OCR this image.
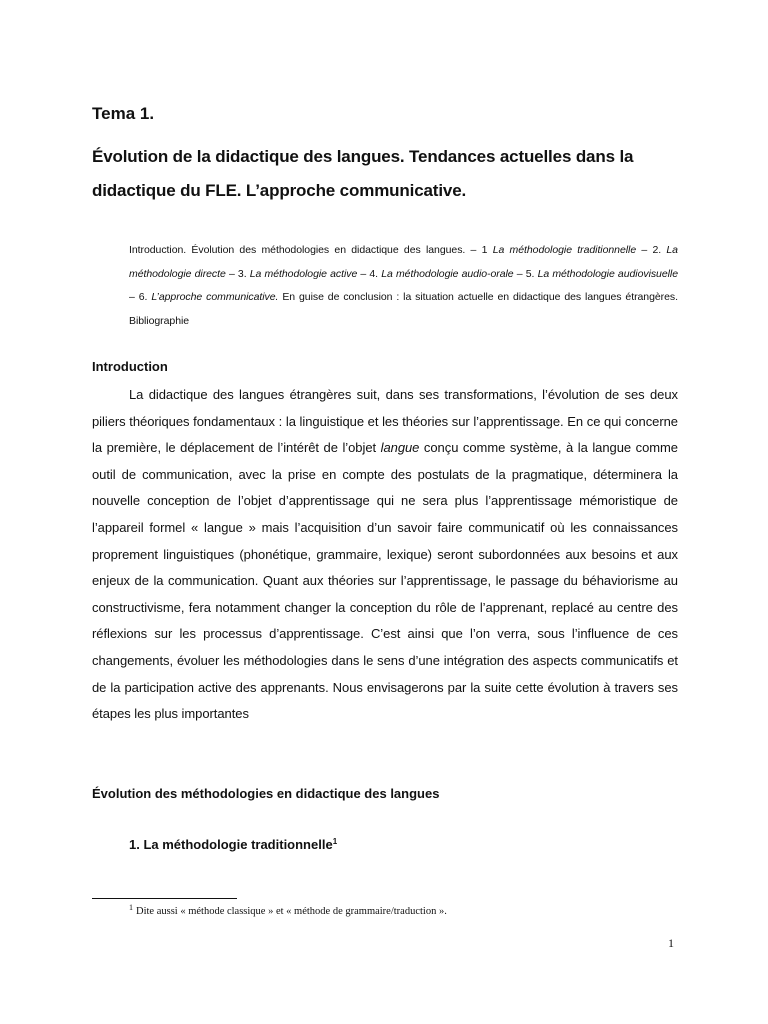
Tema 1.
Évolution de la didactique des langues. Tendances actuelles dans la didactique du FLE. L’approche communicative.
Introduction. Évolution des méthodologies en didactique des langues. – 1 La méthodologie traditionnelle – 2. La méthodologie directe – 3. La méthodologie active – 4. La méthodologie audio-orale – 5. La méthodologie audiovisuelle – 6. L’approche communicative. En guise de conclusion : la situation actuelle en didactique des langues étrangères. Bibliographie
Introduction
La didactique des langues étrangères suit, dans ses transformations, l’évolution de ses deux piliers théoriques fondamentaux : la linguistique et les théories sur l’apprentissage. En ce qui concerne la première, le déplacement de l’intérêt de l’objet langue conçu comme système, à la langue comme outil de communication, avec la prise en compte des postulats de la pragmatique, déterminera la nouvelle conception de l’objet d’apprentissage qui ne sera plus l’apprentissage mémoristique de l’appareil formel « langue » mais l’acquisition d’un savoir faire communicatif où les connaissances proprement linguistiques (phonétique, grammaire, lexique) seront subordonnées aux besoins et aux enjeux de la communication. Quant aux théories sur l’apprentissage, le passage du béhaviorisme au constructivisme, fera notamment changer la conception du rôle de l’apprenant, replacé au centre des réflexions sur les processus d’apprentissage. C’est ainsi que l’on verra, sous l’influence de ces changements, évoluer les méthodologies dans le sens d’une intégration des aspects communicatifs et de la participation active des apprenants. Nous envisagerons par la suite cette évolution à travers ses étapes les plus importantes
Évolution des méthodologies en didactique des langues
1. La méthodologie traditionnelle$^1$
$^1$ Dite aussi « méthode classique » et « méthode de grammaire/traduction ».
1
